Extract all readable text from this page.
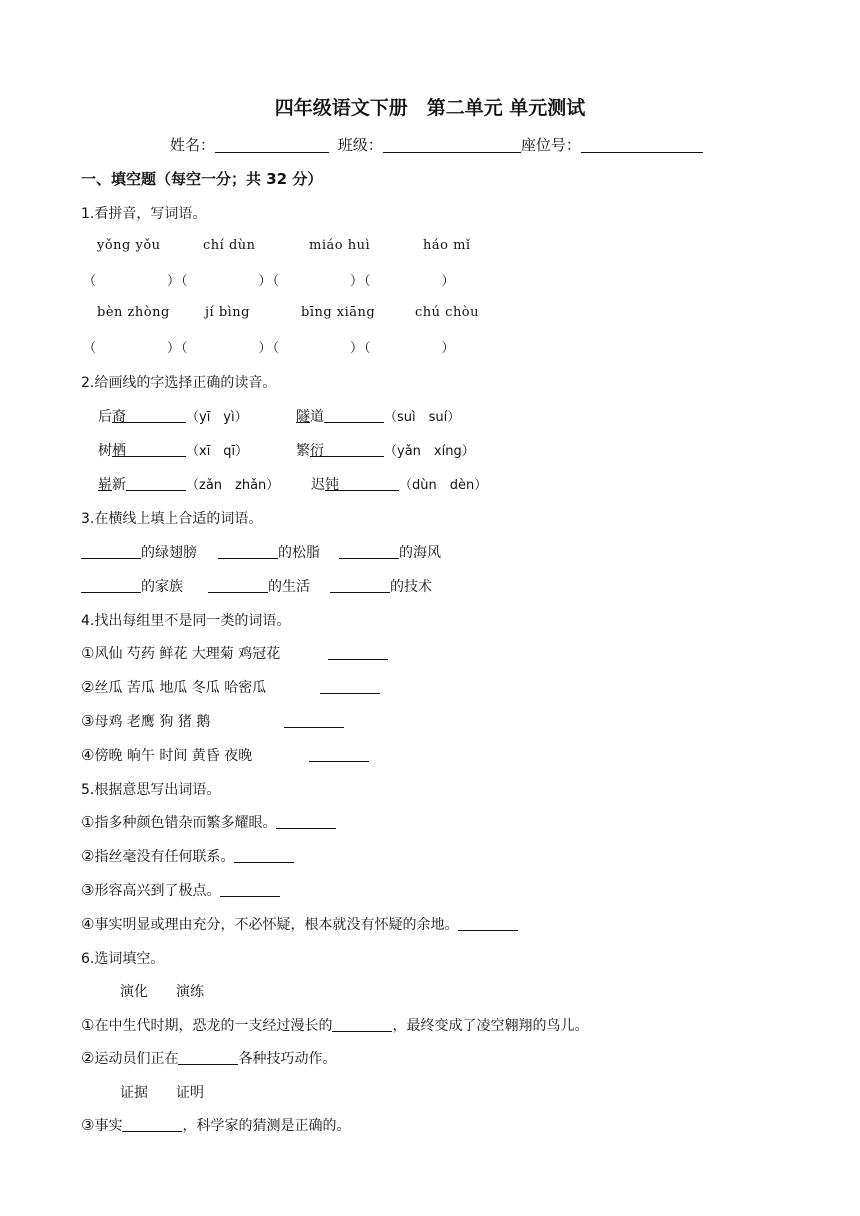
四年级语文下册　第二单元 单元测试
姓名：	班级：	座位号：
一、填空题（每空一分；共 32 分）
1.看拼音，写词语。
yǒng yǒu	chí dùn	miáo huì	háo mǐ
（　　　　　）（　　　　　）（　　　　　）（　　　　　）
bèn zhòng	jí bìng	bīng xiāng	chú chòu
（　　　　　）（　　　　　）（　　　　　）（　　　　　）
2.给画线的字选择正确的读音。
后裔	（yī　yì）	隧道	（suì　suí）
树栖	（xī　qī）	繁衍	（yǎn　xíng）
崭新	（zǎn　zhǎn） 迟钝	（dùn　dèn）
3.在横线上填上合适的词语。
的绿翅膀	的松脂	的海风
的家族	的生活	的技术
4.找出每组里不是同一类的词语。
①风仙 芍药 鲜花 大理菊 鸡冠花
②丝瓜 苦瓜 地瓜 冬瓜 哈密瓜
③母鸡 老鹰 狗 猪 鹅
④傍晚 晌午 时间 黄昏 夜晚
5.根据意思写出词语。
①指多种颜色错杂而繁多耀眼。
②指丝毫没有任何联系。
③形容高兴到了极点。
④事实明显或理由充分，不必怀疑，根本就没有怀疑的余地。
6.选词填空。
演化　　演练
①在中生代时期，恐龙的一支经过漫长的	，最终变成了凌空翱翔的鸟儿。
②运动员们正在	各种技巧动作。
证据　　证明
③事实	，科学家的猜测是正确的。
